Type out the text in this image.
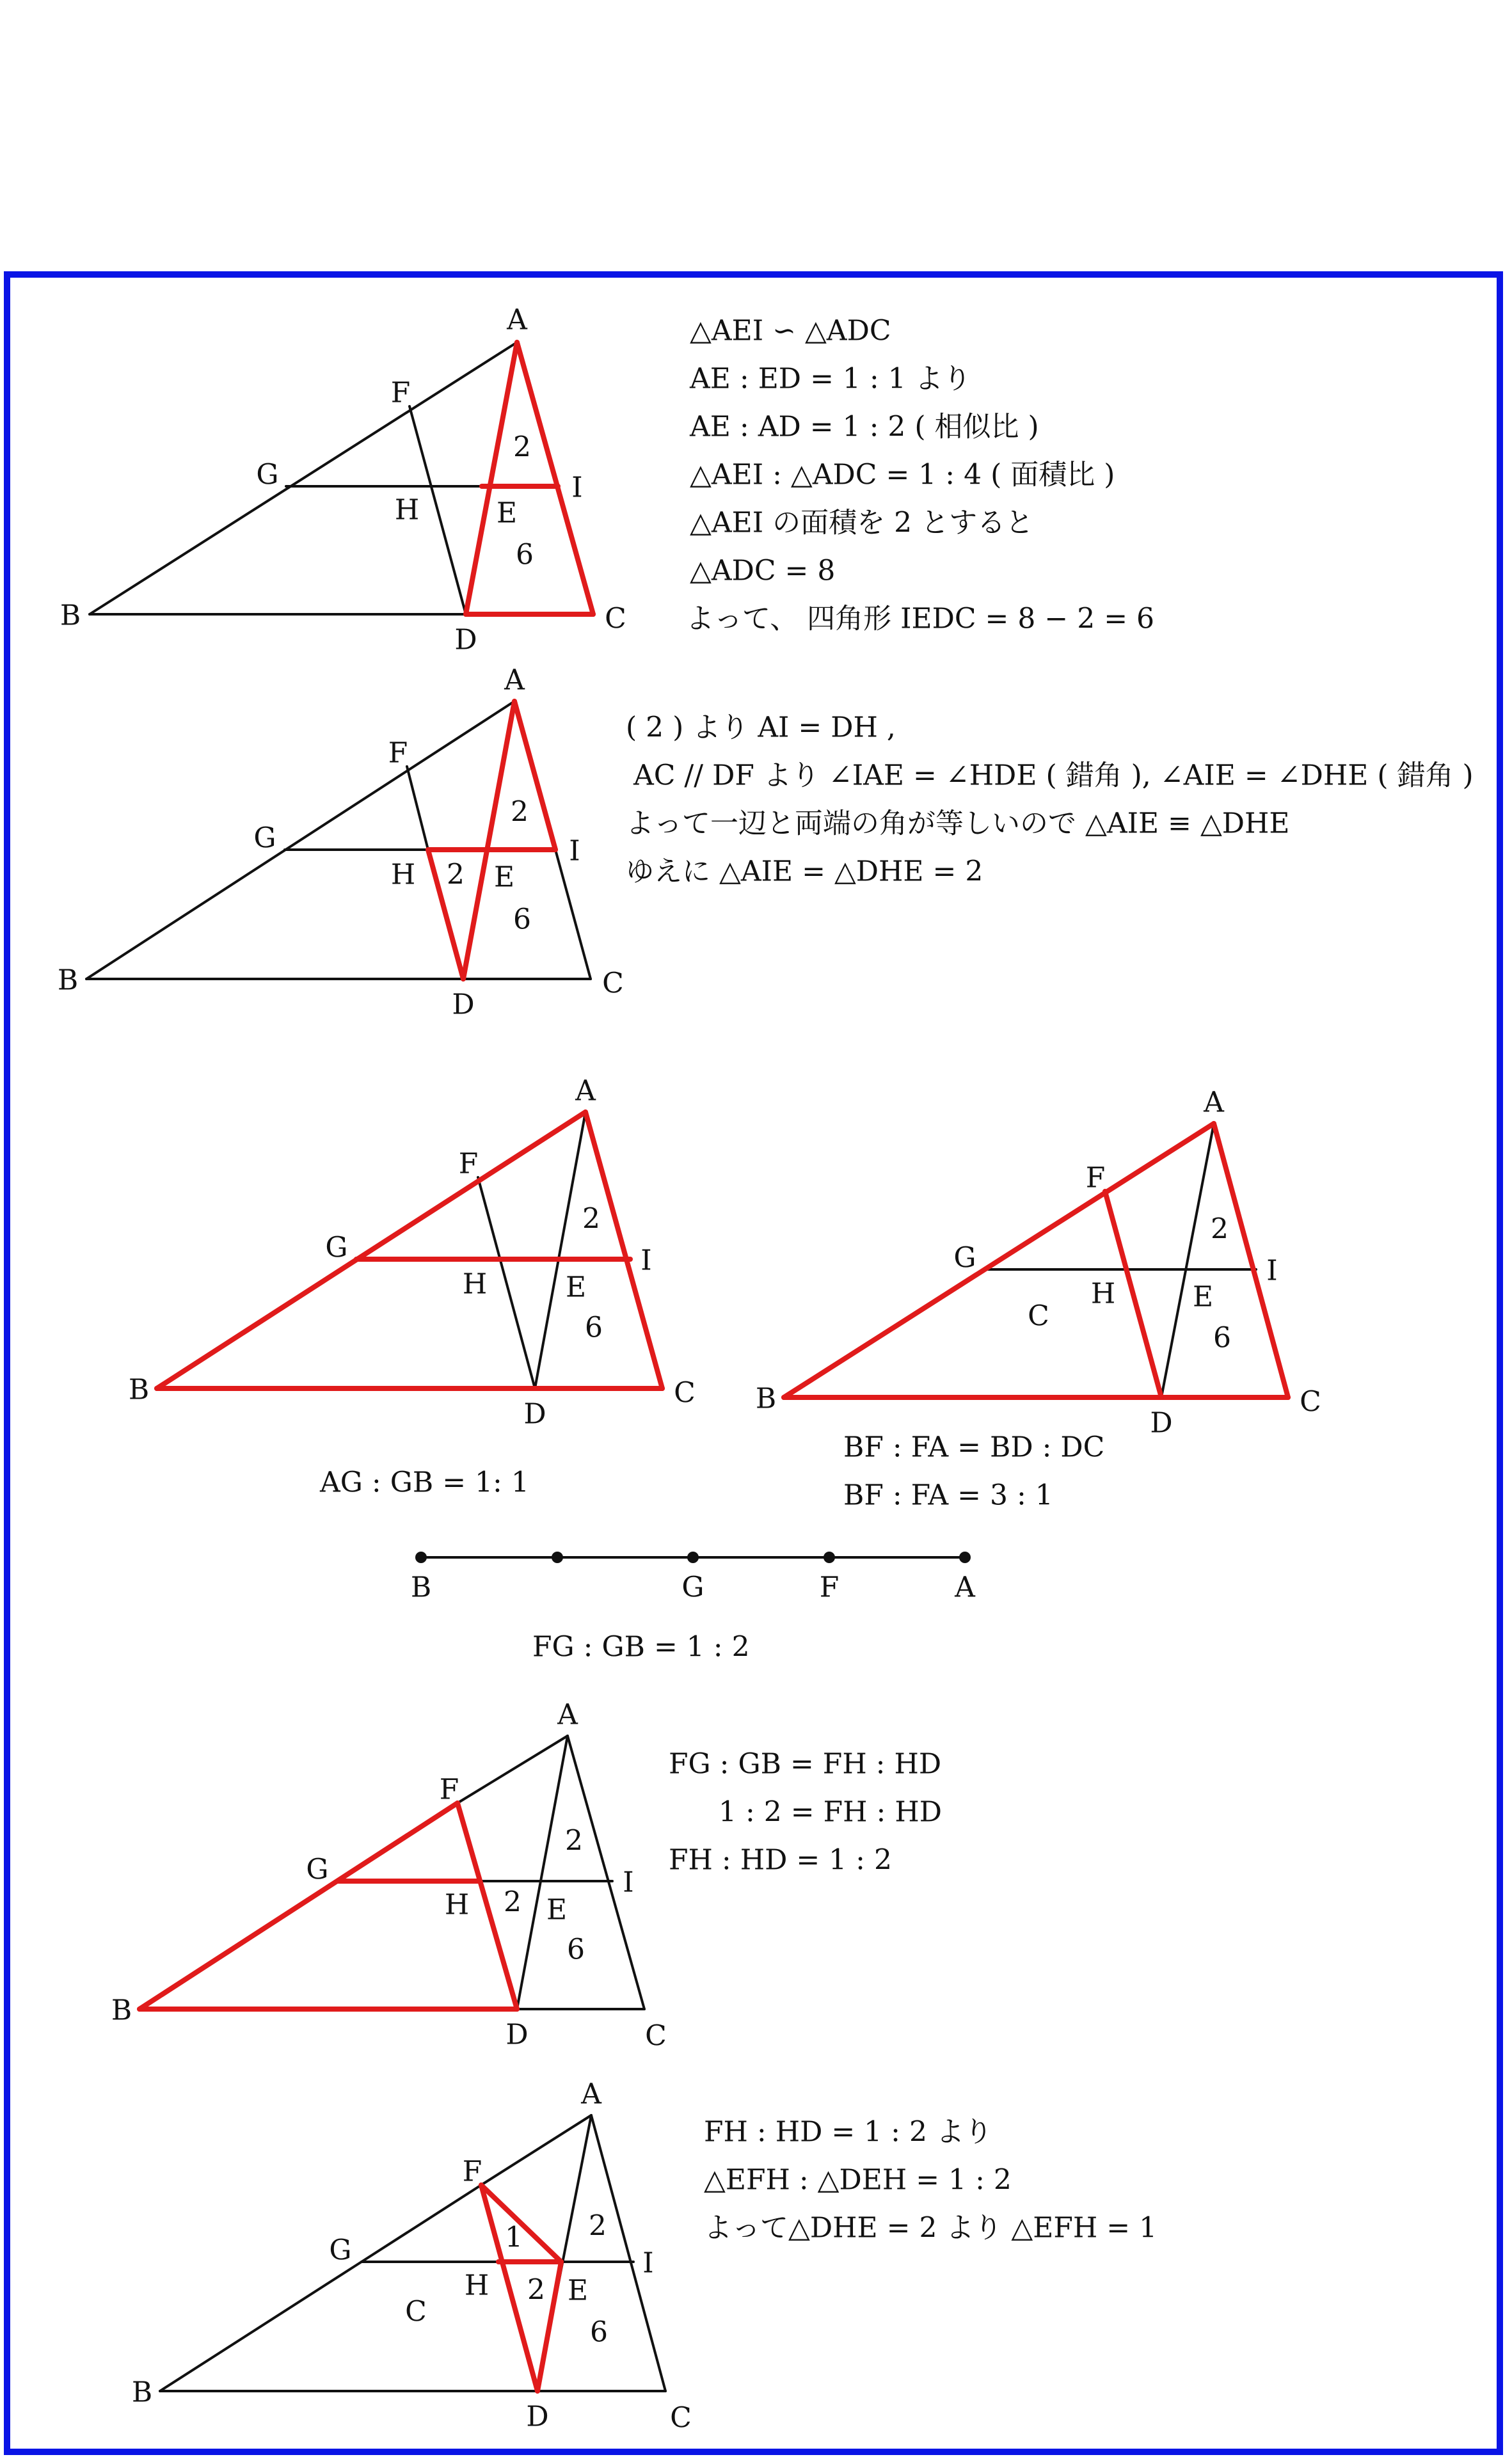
A
B	C
D
F
G
H	E
I
2
6
A
B	C
D
F
G
H	E
I
2
2
6
A
B	C
D
F
G
H	E
I
2
6
A
B	C
D
F
G
H	E
I
2
6
C
A
B
C
D
F
G
H	E
I
2
2
6
A
B
C
D
F
G
H	E
I
2
1
2
6
C
B	G	F	A
△AEI ∽ △ADC
AE : ED = 1 : 1 より
AE : AD = 1 : 2 ( 相似比 )
△AEI : △ADC = 1 : 4 ( 面積比 )
△AEI の面積を 2 とすると
△ADC = 8
よって、 四角形 IEDC = 8 − 2 = 6
( 2 ) より AI = DH ,
AC // DF より ∠IAE = ∠HDE ( 錯角 ), ∠AIE = ∠DHE ( 錯角 )
よって一辺と両端の角が等しいので △AIE ≡ △DHE
ゆえに △AIE = △DHE = 2
AG : GB = 1: 1
BF : FA = BD : DC
BF : FA = 3 : 1
FG : GB = 1 : 2
FG : GB = FH : HD
1 : 2 = FH : HD
FH : HD = 1 : 2
FH : HD = 1 : 2 より
△EFH : △DEH = 1 : 2
よって△DHE = 2 より △EFH = 1
